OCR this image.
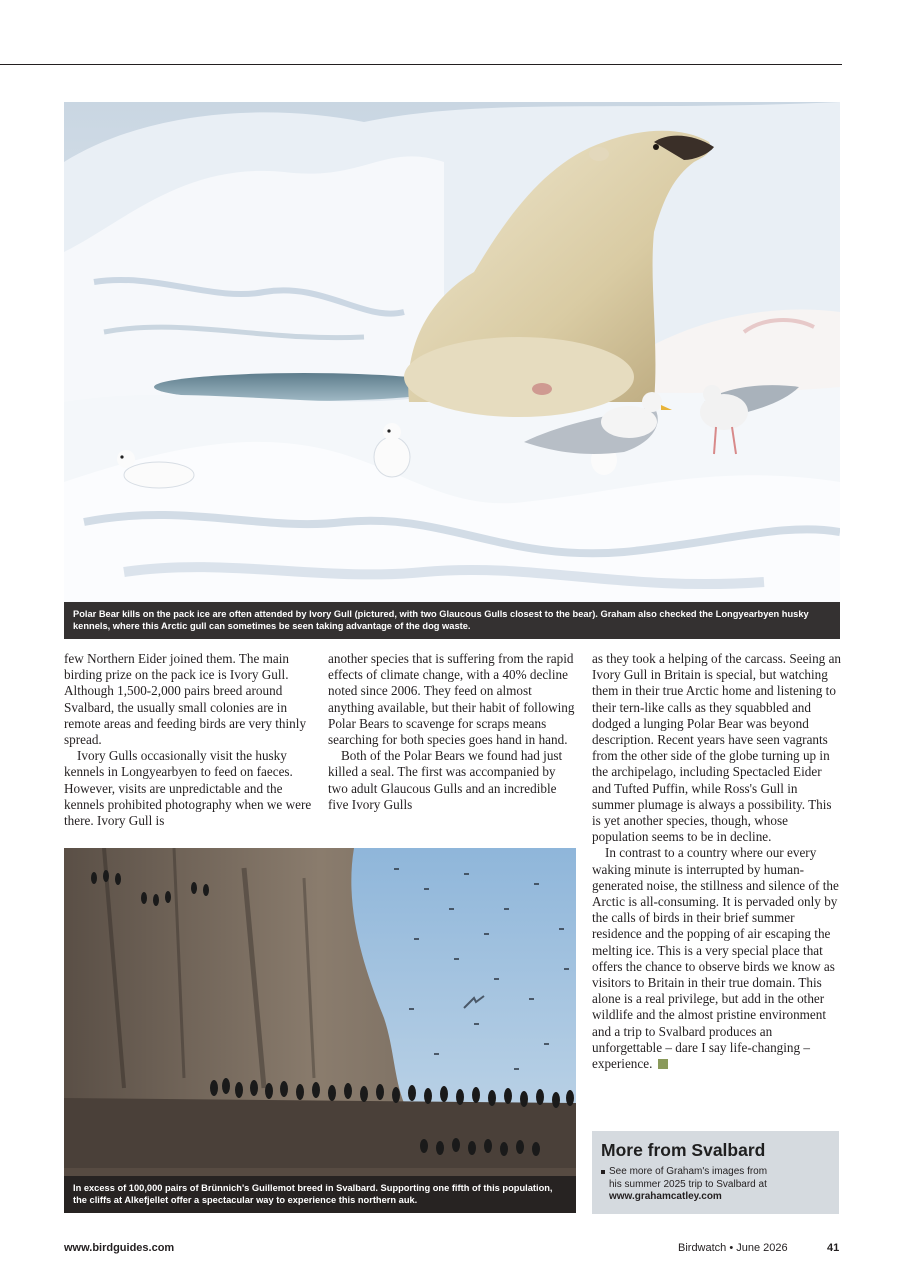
Polar Bear kills on the pack ice are often attended by Ivory Gull (pictured, with two Glaucous Gulls closest to the bear). Graham also checked the Longyearbyen husky kennels, where this Arctic gull can sometimes be seen taking advantage of the dog waste.

few Northern Eider joined them. The main birding prize on the pack ice is Ivory Gull. Although 1,500-2,000 pairs breed around Svalbard, the usually small colonies are in remote areas and feeding birds are very thinly spread.

Ivory Gulls occasionally visit the husky kennels in Longyearbyen to feed on faeces. However, visits are unpredictable and the kennels prohibited photography when we were there. Ivory Gull is

another species that is suffering from the rapid effects of climate change, with a 40% decline noted since 2006. They feed on almost anything available, but their habit of following Polar Bears to scavenge for scraps means searching for both species goes hand in hand.

Both of the Polar Bears we found had just killed a seal. The first was accompanied by two adult Glaucous Gulls and an incredible five Ivory Gulls

as they took a helping of the carcass. Seeing an Ivory Gull in Britain is special, but watching them in their true Arctic home and listening to their tern-like calls as they squabbled and dodged a lunging Polar Bear was beyond description. Recent years have seen vagrants from the other side of the globe turning up in the archipelago, including Spectacled Eider and Tufted Puffin, while Ross's Gull in summer plumage is always a possibility. This is yet another species, though, whose population seems to be in decline.

In contrast to a country where our every waking minute is interrupted by human-generated noise, the stillness and silence of the Arctic is all-consuming. It is pervaded only by the calls of birds in their brief summer residence and the popping of air escaping the melting ice. This is a very special place that offers the chance to observe birds we know as visitors to Britain in their true domain. This alone is a real privilege, but add in the other wildlife and the almost pristine environment and a trip to Svalbard produces an unforgettable – dare I say life-changing – experience.

In excess of 100,000 pairs of Brünnich's Guillemot breed in Svalbard. Supporting one fifth of this population, the cliffs at Alkefjellet offer a spectacular way to experience this northern auk.
More from Svalbard
See more of Graham's images from
his summer 2025 trip to Svalbard at
www.grahamcatley.com
www.birdguides.com	Birdwatch • June 2026	41
